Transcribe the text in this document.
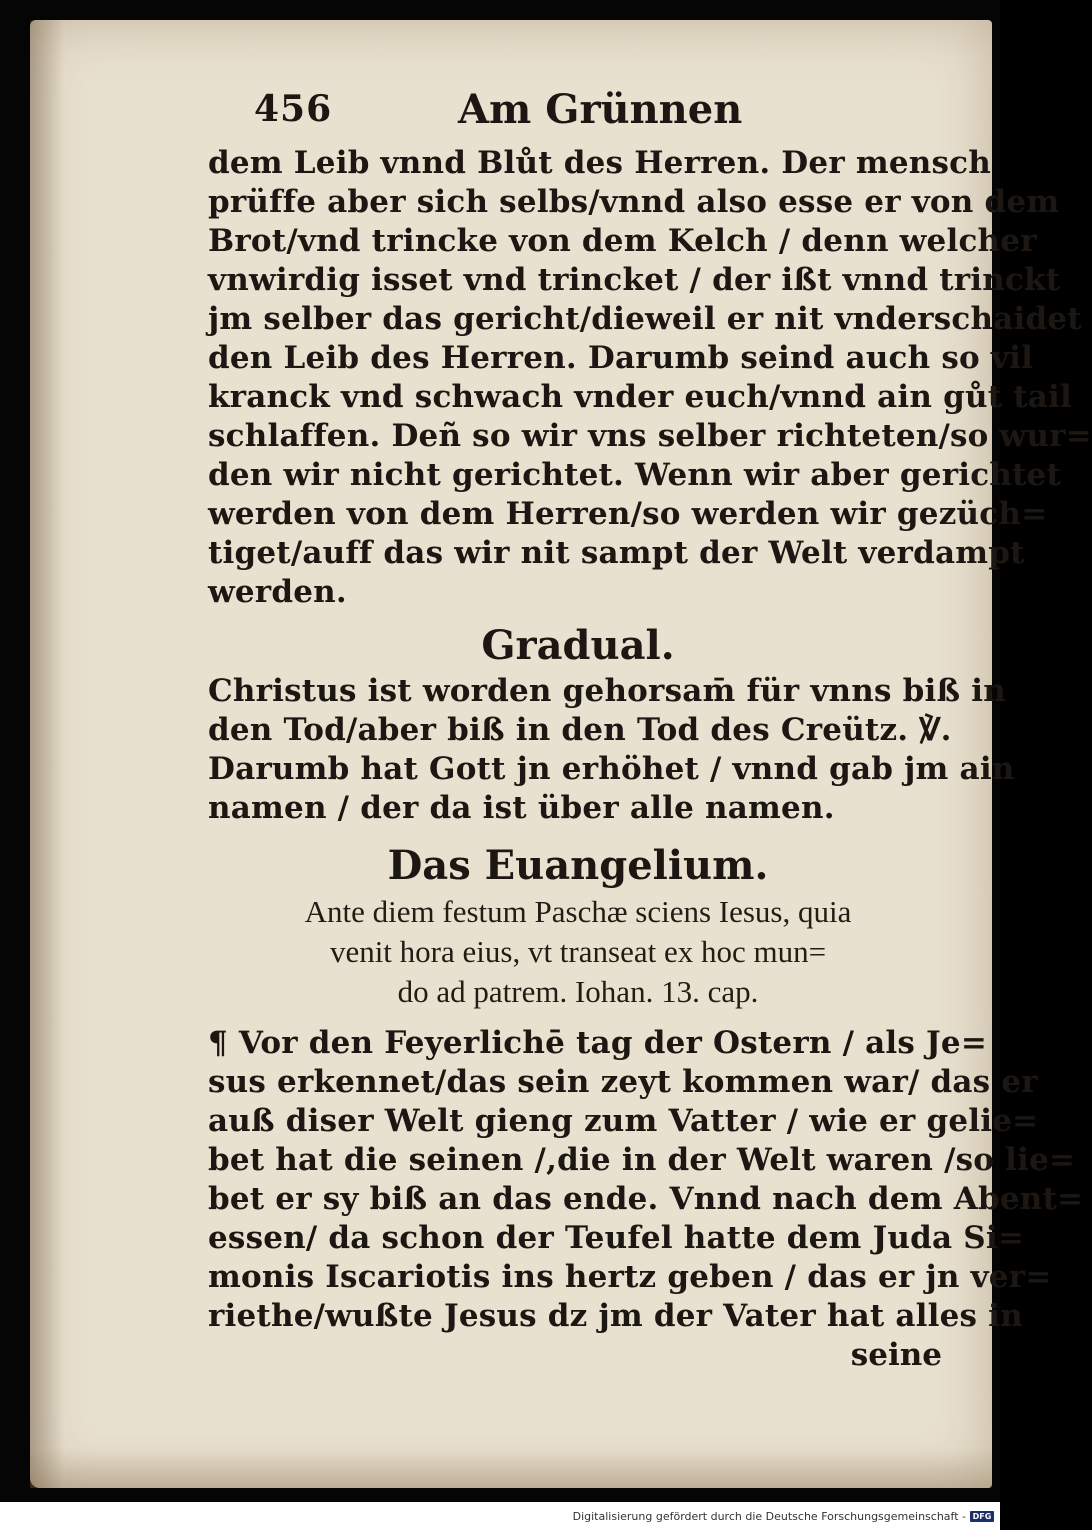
456	Am Grünnen
dem Leib vnnd Blůt des Herren. Der mensch
prüffe aber sich selbs/vnnd also esse er von dem
Brot/vnd trincke von dem Kelch / denn welcher
vnwirdig isset vnd trincket / der ißt vnnd trinckt
jm selber das gericht/dieweil er nit vnderschaidet
den Leib des Herren. Darumb seind auch so vil
kranck vnd schwach vnder euch/vnnd ain gůt tail
schlaffen. Deñ so wir vns selber richteten/so wur=
den wir nicht gerichtet. Wenn wir aber gerichtet
werden von dem Herren/so werden wir gezüch=
tiget/auff das wir nit sampt der Welt verdampt
werden.
Gradual.
Christus ist worden gehorsam̄ für vnns biß in
den Tod/aber biß in den Tod des Creütz. ℣.
Darumb hat Gott jn erhöhet / vnnd gab jm ain
namen / der da ist über alle namen.
Das Euangelium.
Ante diem festum Paschæ sciens Iesus, quia
venit hora eius, vt transeat ex hoc mun=
do ad patrem. Iohan. 13. cap.
¶ Vor den Feyerlichē tag der Ostern / als Je=
sus erkennet/das sein zeyt kommen war/ das er
auß diser Welt gieng zum Vatter / wie er gelie=
bet hat die seinen /,die in der Welt waren /so lie=
bet er sy biß an das ende. Vnnd nach dem Abent=
essen/ da schon der Teufel hatte dem Juda Si=
monis Iscariotis ins hertz geben / das er jn ver=
riethe/wußte Jesus dz jm der Vater hat alles in
seine
Digitalisierung gefördert durch die Deutsche Forschungsgemeinschaft - DFG
